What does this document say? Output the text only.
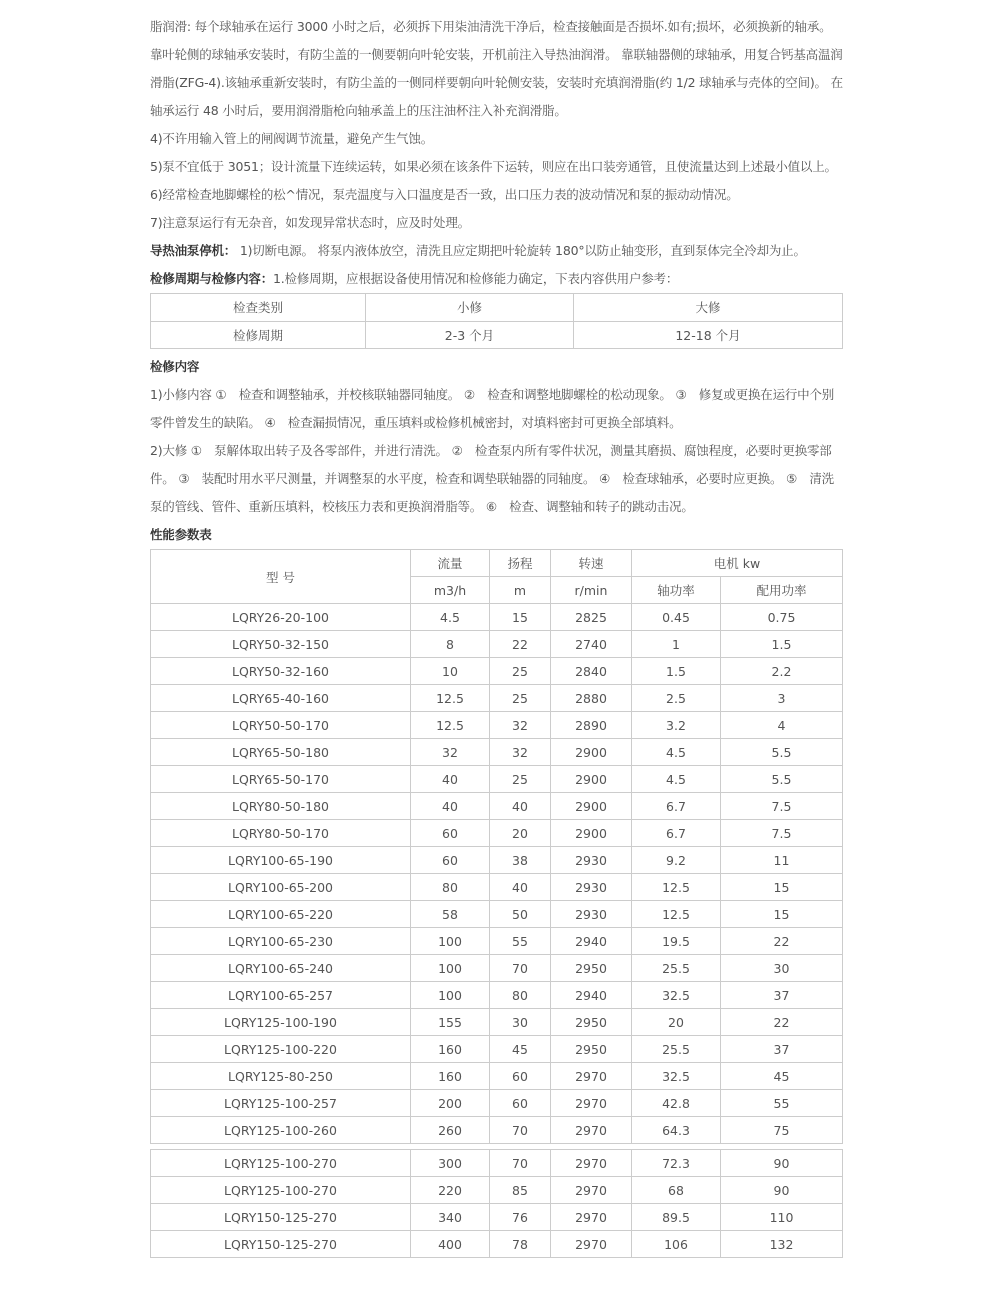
脂润滑: 每个球轴承在运行 3000 小时之后，必须拆下用柒油清洗干净后，检查接触面是否损坏.如有;损坏，必须换新的轴承。 靠叶轮侧的球轴承安装时，有防尘盖的一侧要朝向叶轮安装，开机前注入导热油润滑。 靠联轴器侧的球轴承，用复合钙基高温润滑脂(ZFG-4).该轴承重新安装时，有防尘盖的一侧同样要朝向叶轮侧安装，安装时充填润滑脂(约 1/2 球轴承与壳体的空间)。 在轴承运行 48 小时后，要用润滑脂枪向轴承盖上的压注油杯注入补充润滑脂。

4)不许用输入管上的闸阀调节流量，避免产生气蚀。

5)泵不宜低于 3051；设计流量下连续运转，如果必须在该条件下运转，则应在出口装旁通管，且使流量达到上述最小值以上。

6)经常检查地脚螺栓的松^情况，泵壳温度与入口温度是否一致，出口压力表的波动情况和泵的振动动情况。

7)注意泵运行有无杂音，如发现异常状态时，应及时处理。

导热油泵停机： 1)切断电源。 将泵内液体放空，清洗且应定期把叶轮旋转 180°以防止轴变形，直到泵体完全冷却为止。

检修周期与检修内容：1.检修周期，应根据设备使用情况和检修能力确定，下表内容供用户参考：

检查类别	小修	大修
检修周期	2-3 个月	12-18 个月

检修内容

1)小修内容 ①　检查和调整轴承，并校核联轴器同轴度。 ②　检查和调整地脚螺栓的松动现象。 ③　修复或更换在运行中个别零件曾发生的缺陷。 ④　检查漏损情况，重压填料或检修机械密封，对填料密封可更换全部填料。

2)大修 ①　泵解体取出转子及各零部件，并进行清洗。 ②　检查泵内所有零件状况，测量其磨损、腐蚀程度，必要时更换零部件。 ③　装配时用水平尺测量，并调整泵的水平度，检查和调垫联轴器的同轴度。 ④　检查球轴承，必要时应更换。 ⑤　清洗泵的管线、管件、重新压填料，校核压力表和更换润滑脂等。 ⑥　检查、调整轴和转子的跳动击况。

性能参数表

型 号	流量	扬程	转速	电机 kw	
	m3/h	m	r/min	轴功率	配用功率
LQRY26-20-100	4.5	15	2825	0.45	0.75
LQRY50-32-150	8	22	2740	1	1.5
LQRY50-32-160	10	25	2840	1.5	2.2
LQRY65-40-160	12.5	25	2880	2.5	3
LQRY50-50-170	12.5	32	2890	3.2	4
LQRY65-50-180	32	32	2900	4.5	5.5
LQRY65-50-170	40	25	2900	4.5	5.5
LQRY80-50-180	40	40	2900	6.7	7.5
LQRY80-50-170	60	20	2900	6.7	7.5
LQRY100-65-190	60	38	2930	9.2	11
LQRY100-65-200	80	40	2930	12.5	15
LQRY100-65-220	58	50	2930	12.5	15
LQRY100-65-230	100	55	2940	19.5	22
LQRY100-65-240	100	70	2950	25.5	30
LQRY100-65-257	100	80	2940	32.5	37
LQRY125-100-190	155	30	2950	20	22
LQRY125-100-220	160	45	2950	25.5	37
LQRY125-80-250	160	60	2970	32.5	45
LQRY125-100-257	200	60	2970	42.8	55
LQRY125-100-260	260	70	2970	64.3	75
LQRY125-100-270	300	70	2970	72.3	90
LQRY125-100-270	220	85	2970	68	90
LQRY150-125-270	340	76	2970	89.5	110
LQRY150-125-270	400	78	2970	106	132
